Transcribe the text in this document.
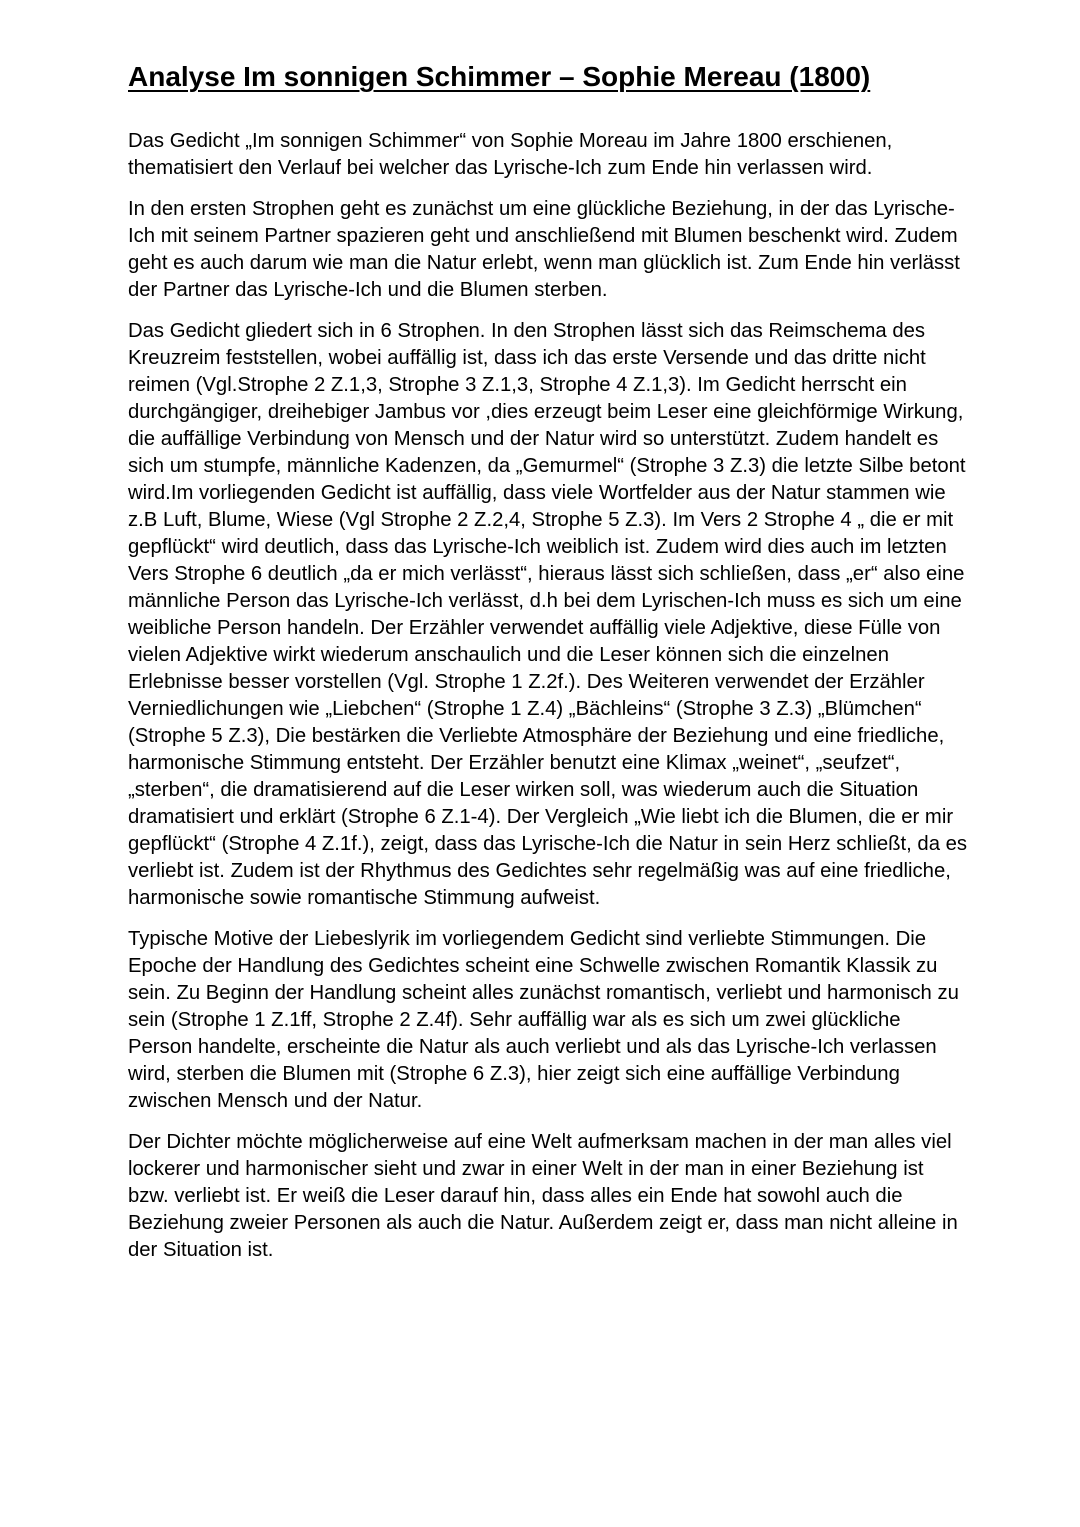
Analyse Im sonnigen Schimmer – Sophie Mereau (1800)

Das Gedicht „Im sonnigen Schimmer“ von Sophie Moreau im Jahre 1800 erschienen, thematisiert den Verlauf bei welcher das Lyrische-Ich zum Ende hin verlassen wird.

In den ersten Strophen geht es zunächst um eine glückliche Beziehung, in der das Lyrische-Ich mit seinem Partner spazieren geht und anschließend mit Blumen beschenkt wird. Zudem geht es auch darum wie man die Natur erlebt, wenn man glücklich ist. Zum Ende hin verlässt der Partner das Lyrische-Ich und die Blumen sterben.

Das Gedicht gliedert sich in 6 Strophen. In den Strophen lässt sich das Reimschema des Kreuzreim feststellen, wobei auffällig ist, dass ich das erste Versende und das dritte nicht reimen (Vgl.Strophe 2 Z.1,3, Strophe 3 Z.1,3, Strophe 4 Z.1,3). Im Gedicht herrscht ein durchgängiger, dreihebiger Jambus vor ,dies erzeugt beim Leser eine gleichförmige Wirkung, die auffällige Verbindung von Mensch und der Natur wird so unterstützt. Zudem handelt es sich um stumpfe, männliche Kadenzen, da „Gemurmel“ (Strophe 3 Z.3) die letzte Silbe betont wird.Im vorliegenden Gedicht ist auffällig, dass viele Wortfelder aus der Natur stammen wie z.B Luft, Blume, Wiese (Vgl Strophe 2 Z.2,4, Strophe 5 Z.3). Im Vers 2 Strophe 4 „ die er mit gepflückt“ wird deutlich, dass das Lyrische-Ich weiblich ist. Zudem wird dies auch im letzten Vers Strophe 6 deutlich „da er mich verlässt“, hieraus lässt sich schließen, dass „er“ also eine männliche Person das Lyrische-Ich verlässt, d.h bei dem Lyrischen-Ich muss es sich um eine weibliche Person handeln. Der Erzähler verwendet auffällig viele Adjektive, diese Fülle von vielen Adjektive wirkt wiederum anschaulich und die Leser können sich die einzelnen Erlebnisse besser vorstellen (Vgl. Strophe 1 Z.2f.). Des Weiteren verwendet der Erzähler Verniedlichungen wie „Liebchen“ (Strophe 1 Z.4) „Bächleins“ (Strophe 3 Z.3) „Blümchen“ (Strophe 5 Z.3), Die bestärken die Verliebte Atmosphäre der Beziehung und eine friedliche, harmonische Stimmung entsteht. Der Erzähler benutzt eine Klimax „weinet“, „seufzet“, „sterben“, die dramatisierend auf die Leser wirken soll, was wiederum auch die Situation dramatisiert und erklärt (Strophe 6 Z.1-4). Der Vergleich „Wie liebt ich die Blumen, die er mir gepflückt“ (Strophe 4 Z.1f.), zeigt, dass das Lyrische-Ich die Natur in sein Herz schließt, da es verliebt ist. Zudem ist der Rhythmus des Gedichtes sehr regelmäßig was auf eine friedliche, harmonische sowie romantische Stimmung aufweist.

Typische Motive der Liebeslyrik im vorliegendem Gedicht sind verliebte Stimmungen. Die Epoche der Handlung des Gedichtes scheint eine Schwelle zwischen Romantik Klassik zu sein. Zu Beginn der Handlung scheint alles zunächst romantisch, verliebt und harmonisch zu sein (Strophe 1 Z.1ff, Strophe 2 Z.4f). Sehr auffällig war als es sich um zwei glückliche Person handelte, erscheinte die Natur als auch verliebt und als das Lyrische-Ich verlassen wird, sterben die Blumen mit (Strophe 6 Z.3), hier zeigt sich eine auffällige Verbindung zwischen Mensch und der Natur.

Der Dichter möchte möglicherweise auf eine Welt aufmerksam machen in der man alles viel lockerer und harmonischer sieht und zwar in einer Welt in der man in einer Beziehung ist bzw. verliebt ist. Er weiß die Leser darauf hin, dass alles ein Ende hat sowohl auch die Beziehung zweier Personen als auch die Natur. Außerdem zeigt er, dass man nicht alleine in der Situation ist.
